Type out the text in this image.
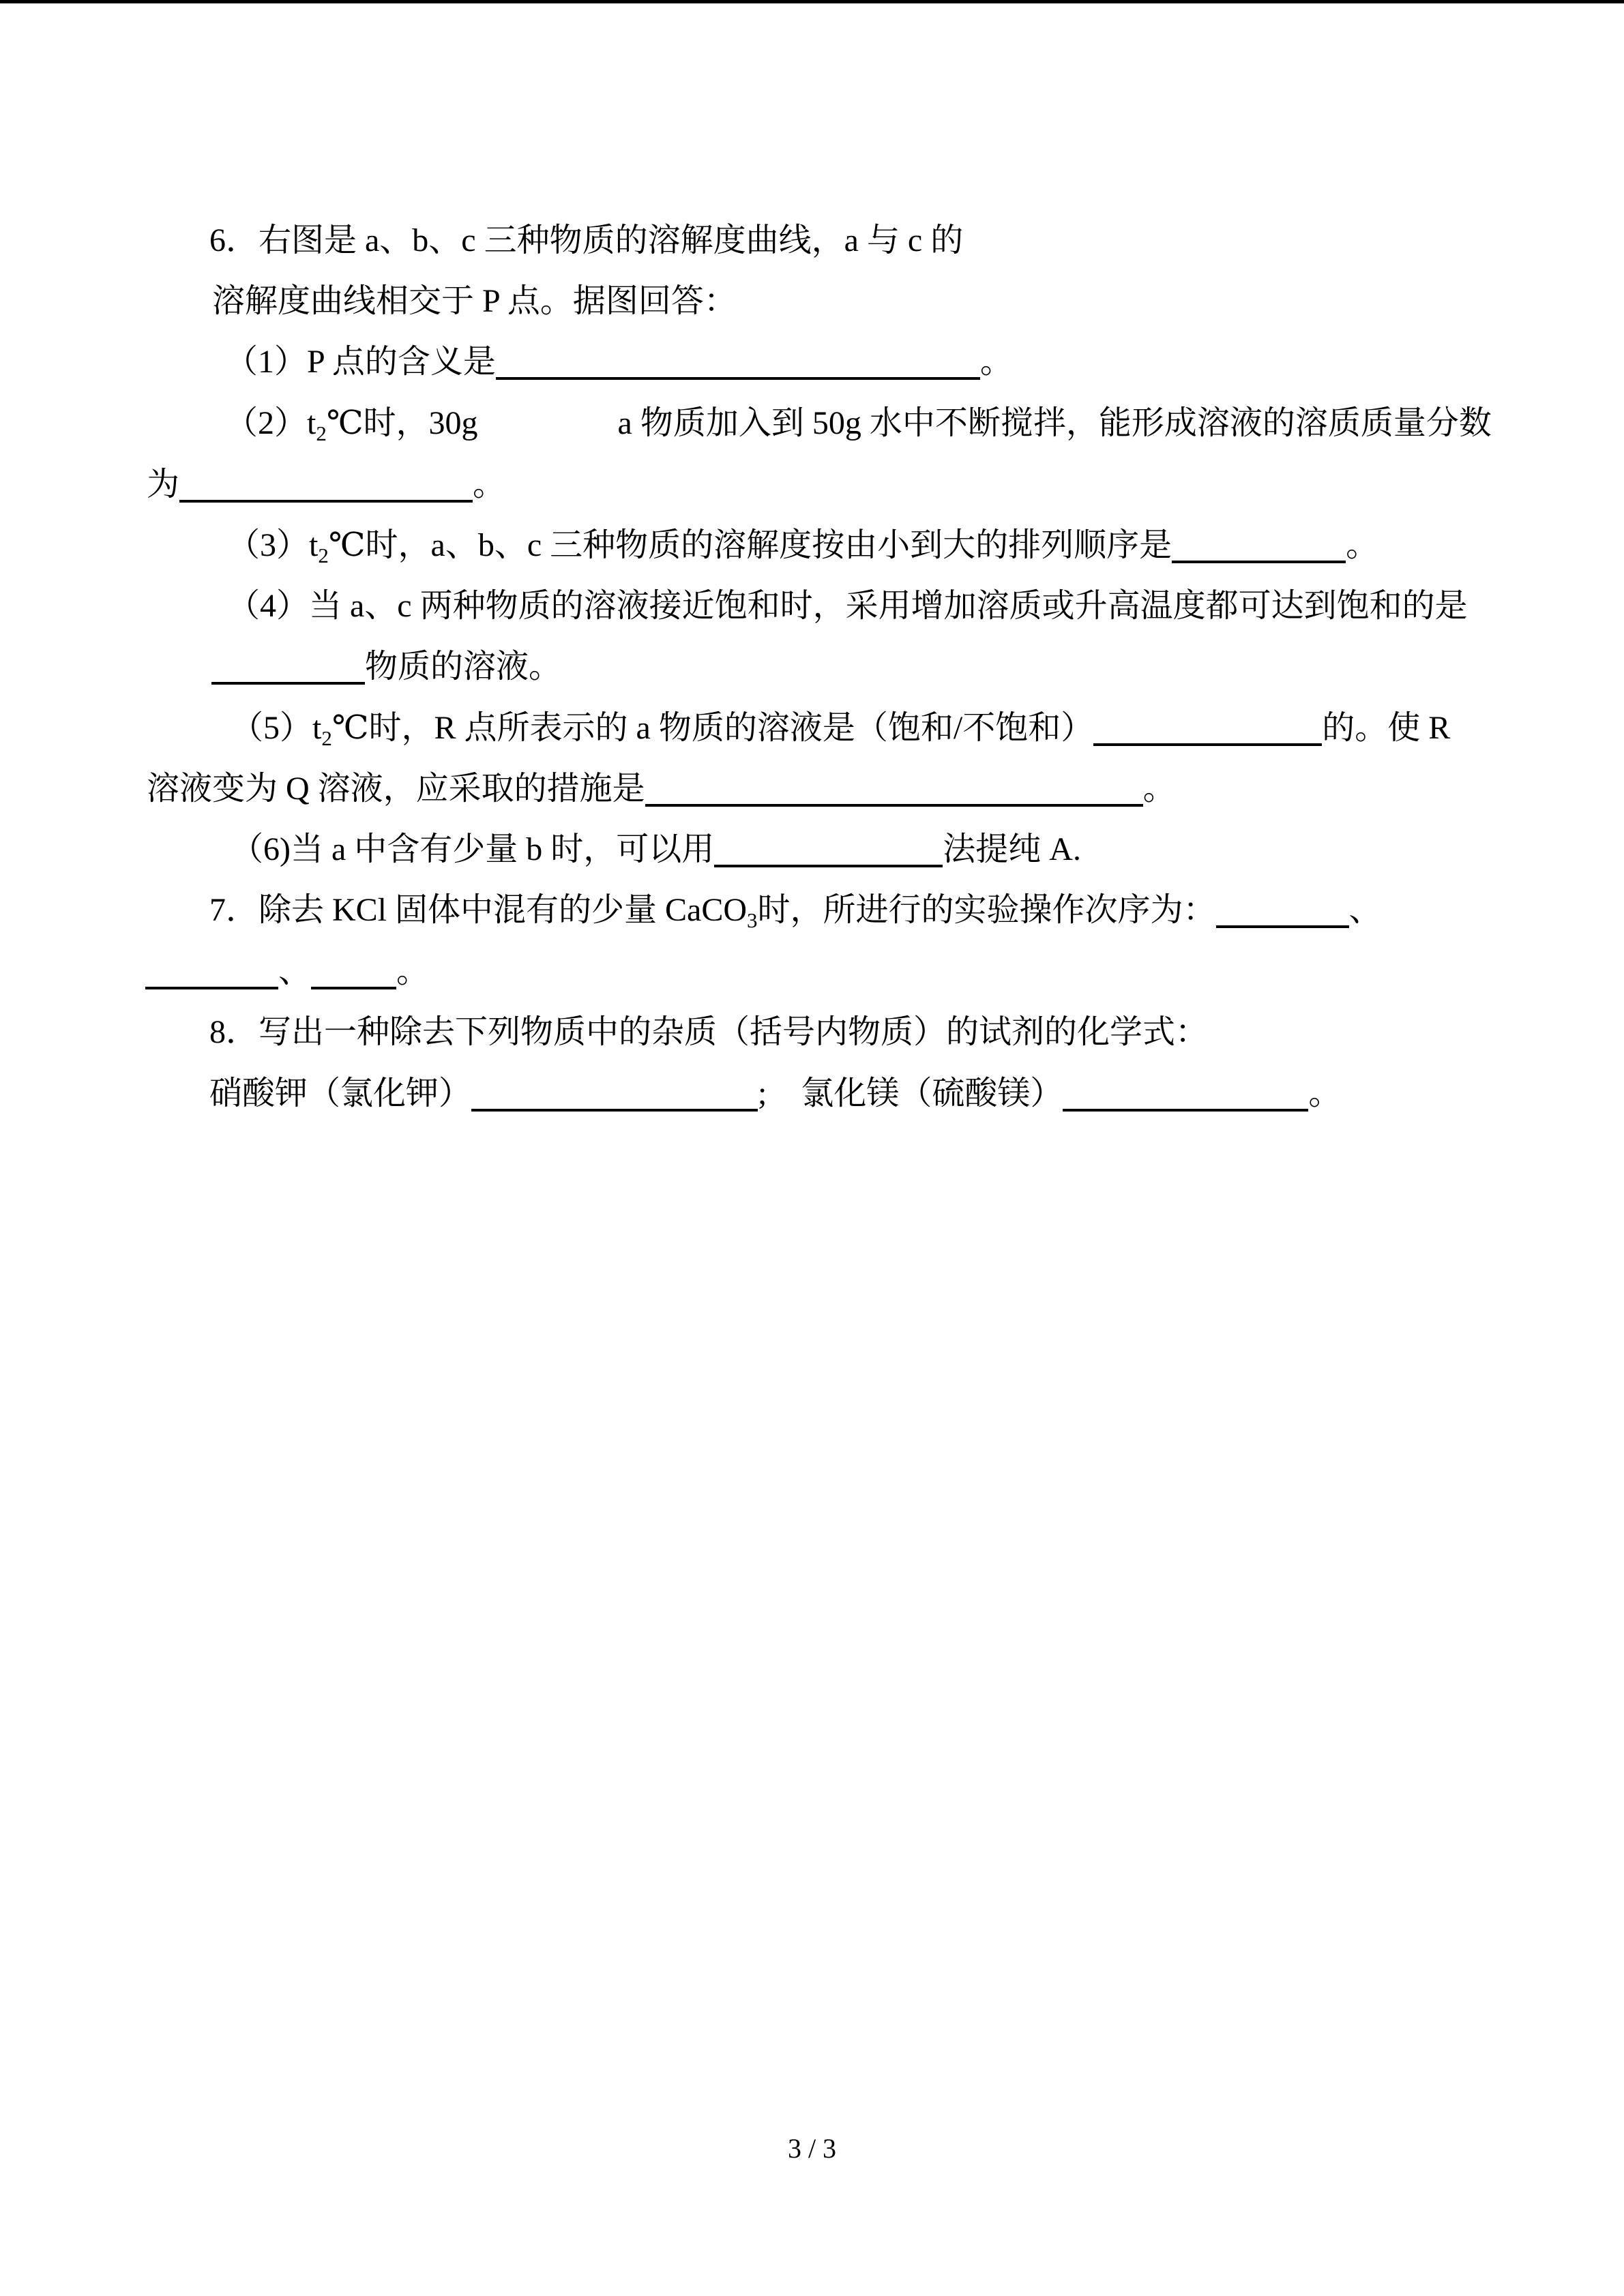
6．右图是 a、b、c 三种物质的溶解度曲线，a 与 c 的
溶解度曲线相交于 P 点。据图回答：
（1）P 点的含义是	。
$(2)t_2℃$时，30g	a 物质加入到 50g 水中不断搅拌，能形成溶液的溶质质量分数
为	。
$(3)t_2℃$时，a、b、c 三种物质的溶解度按由小到大的排列顺序是	。
（4）当 a、c 两种物质的溶液接近饱和时，采用增加溶质或升高温度都可达到饱和的是
物质的溶液。
$(5)t_2℃$时，R 点所表示的 a 物质的溶液是（饱和/不饱和）	的。使 R
溶液变为 Q 溶液，应采取的措施是	。
（6)当 a 中含有少量 b 时，可以用	法提纯 A.
7．除去 KCl 固体中混有的少量 CaCO$_3$时，所进行的实验操作次序为：	、
、	。
8．写出一种除去下列物质中的杂质（括号内物质）的试剂的化学式：
硝酸钾（氯化钾）	; 氯化镁（硫酸镁）	。
3 / 3
